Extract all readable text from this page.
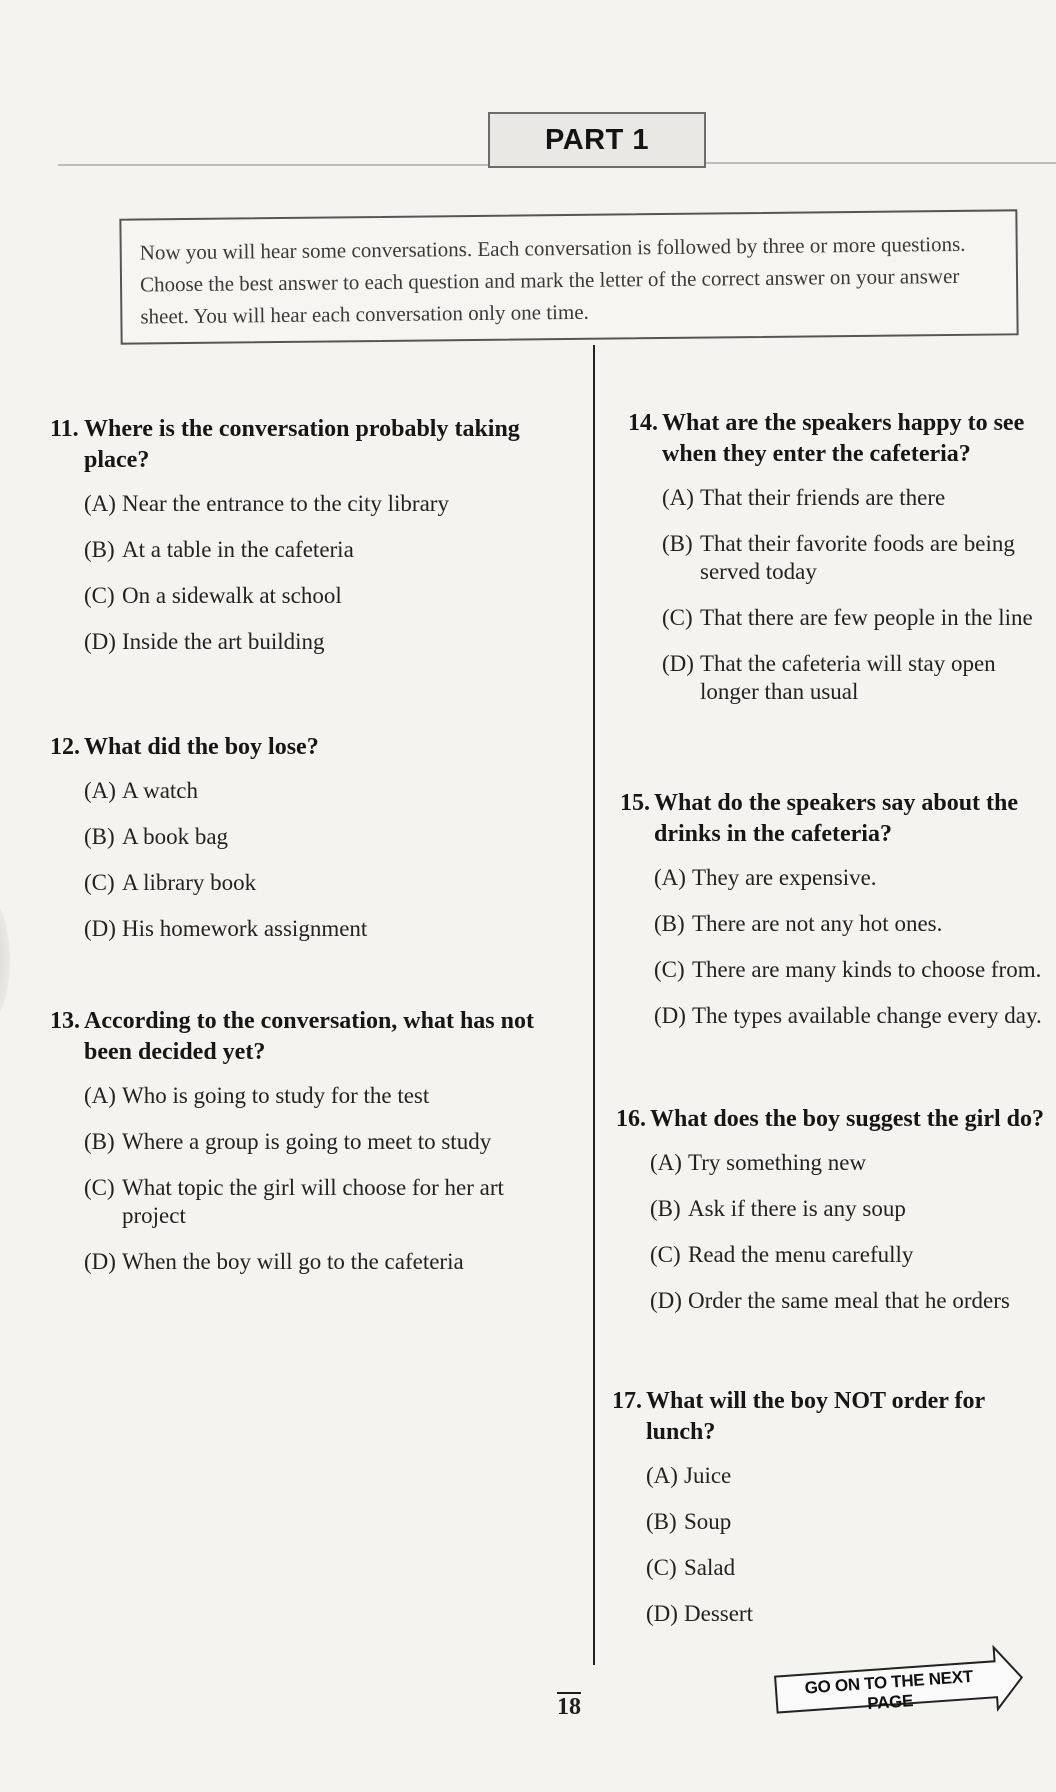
PART 1
Now you will hear some conversations. Each conversation is followed by three or more questions. Choose the best answer to each question and mark the letter of the correct answer on your answer sheet. You will hear each conversation only one time.
11. Where is the conversation probably taking place?
(A) Near the entrance to the city library
(B) At a table in the cafeteria
(C) On a sidewalk at school
(D) Inside the art building
12. What did the boy lose?
(A) A watch
(B) A book bag
(C) A library book
(D) His homework assignment
13. According to the conversation, what has not been decided yet?
(A) Who is going to study for the test
(B) Where a group is going to meet to study
(C) What topic the girl will choose for her art project
(D) When the boy will go to the cafeteria
14. What are the speakers happy to see when they enter the cafeteria?
(A) That their friends are there
(B) That their favorite foods are being served today
(C) That there are few people in the line
(D) That the cafeteria will stay open longer than usual
15. What do the speakers say about the drinks in the cafeteria?
(A) They are expensive.
(B) There are not any hot ones.
(C) There are many kinds to choose from.
(D) The types available change every day.
16. What does the boy suggest the girl do?
(A) Try something new
(B) Ask if there is any soup
(C) Read the menu carefully
(D) Order the same meal that he orders
17. What will the boy NOT order for lunch?
(A) Juice
(B) Soup
(C) Salad
(D) Dessert
18
GO ON TO THE NEXT PAGE
